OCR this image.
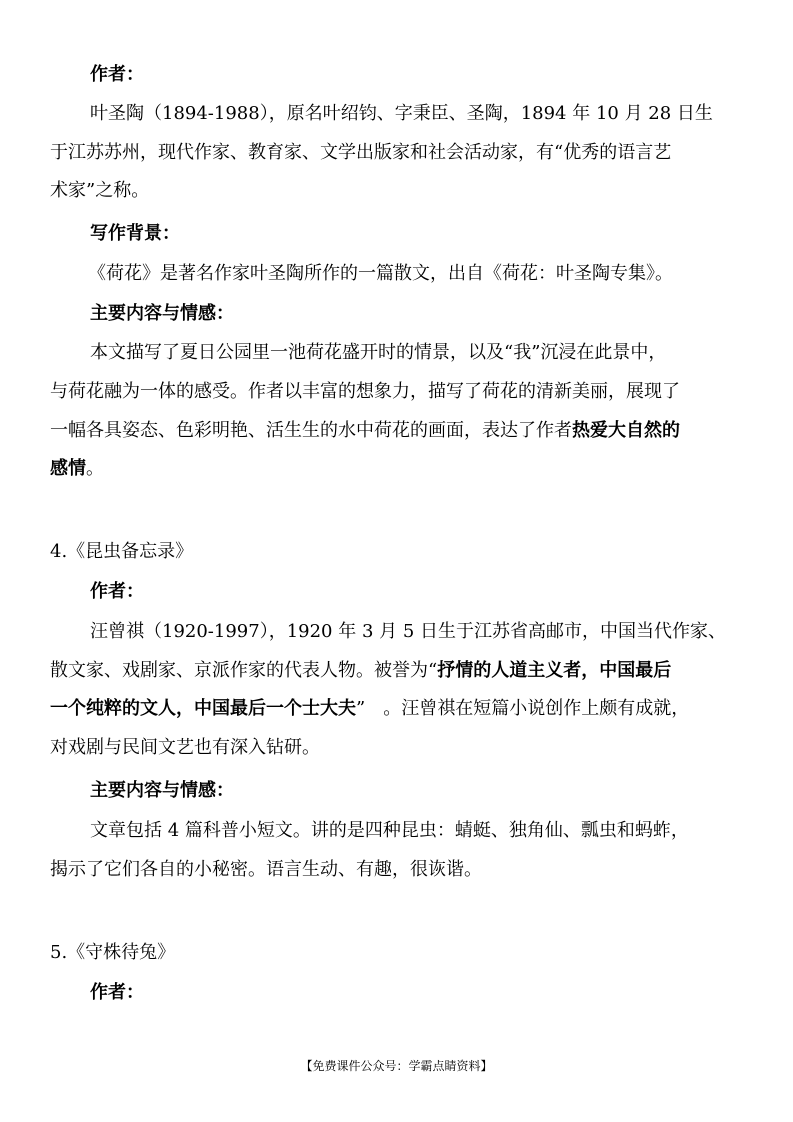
作者：
叶圣陶（1894-1988），原名叶绍钧、字秉臣、圣陶，1894 年 10 月 28 日生
于江苏苏州，现代作家、教育家、文学出版家和社会活动家，有“优秀的语言艺
术家”之称。
写作背景：
《荷花》是著名作家叶圣陶所作的一篇散文，出自《荷花：叶圣陶专集》。
主要内容与情感：
本文描写了夏日公园里一池荷花盛开时的情景，以及“我”沉浸在此景中，
与荷花融为一体的感受。作者以丰富的想象力，描写了荷花的清新美丽，展现了
一幅各具姿态、色彩明艳、活生生的水中荷花的画面，表达了作者热爱大自然的
感情。
4.《昆虫备忘录》
作者：
汪曾祺（1920-1997），1920 年 3 月 5 日生于江苏省高邮市，中国当代作家、
散文家、戏剧家、京派作家的代表人物。被誉为“抒情的人道主义者，中国最后
一个纯粹的文人，中国最后一个士大夫”　。汪曾祺在短篇小说创作上颇有成就，
对戏剧与民间文艺也有深入钻研。
主要内容与情感：
文章包括 4 篇科普小短文。讲的是四种昆虫：蜻蜓、独角仙、瓢虫和蚂蚱，
揭示了它们各自的小秘密。语言生动、有趣，很诙谐。
5.《守株待兔》
作者：
【免费课件公众号：学霸点睛资料】
